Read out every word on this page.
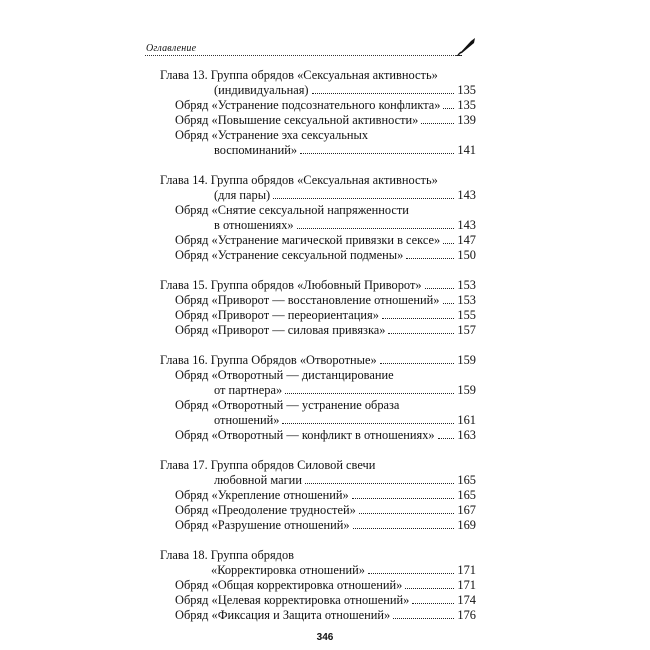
Оглавление
Глава 13. Группа обрядов «Сексуальная активность»
(индивидуальная)	135
Обряд «Устранение подсознательного конфликта» 135
Обряд «Повышение сексуальной активности»	139
Обряд «Устранение эха сексуальных
воспоминаний»	141
Глава 14. Группа обрядов «Сексуальная активность»
(для пары)	143
Обряд «Снятие сексуальной напряженности
в отношениях»	143
Обряд «Устранение магической привязки в сексе» 147
Обряд «Устранение сексуальной подмены»	150
Глава 15. Группа обрядов «Любовный Приворот»	153
Обряд «Приворот — восстановление отношений» 153
Обряд «Приворот — переориентация»	155
Обряд «Приворот — силовая привязка»	157
Глава 16. Группа Обрядов «Отворотные»	159
Обряд «Отворотный — дистанцирование
от партнера»	159
Обряд «Отворотный — устранение образа
отношений»	161
Обряд «Отворотный — конфликт в отношениях» 163
Глава 17. Группа обрядов Силовой свечи
любовной магии	165
Обряд «Укрепление отношений»	165
Обряд «Преодоление трудностей»	167
Обряд «Разрушение отношений»	169
Глава 18. Группа обрядов
«Корректировка отношений»	171
Обряд «Общая корректировка отношений»	171
Обряд «Целевая корректировка отношений»	174
Обряд «Фиксация и Защита отношений»	176
346
